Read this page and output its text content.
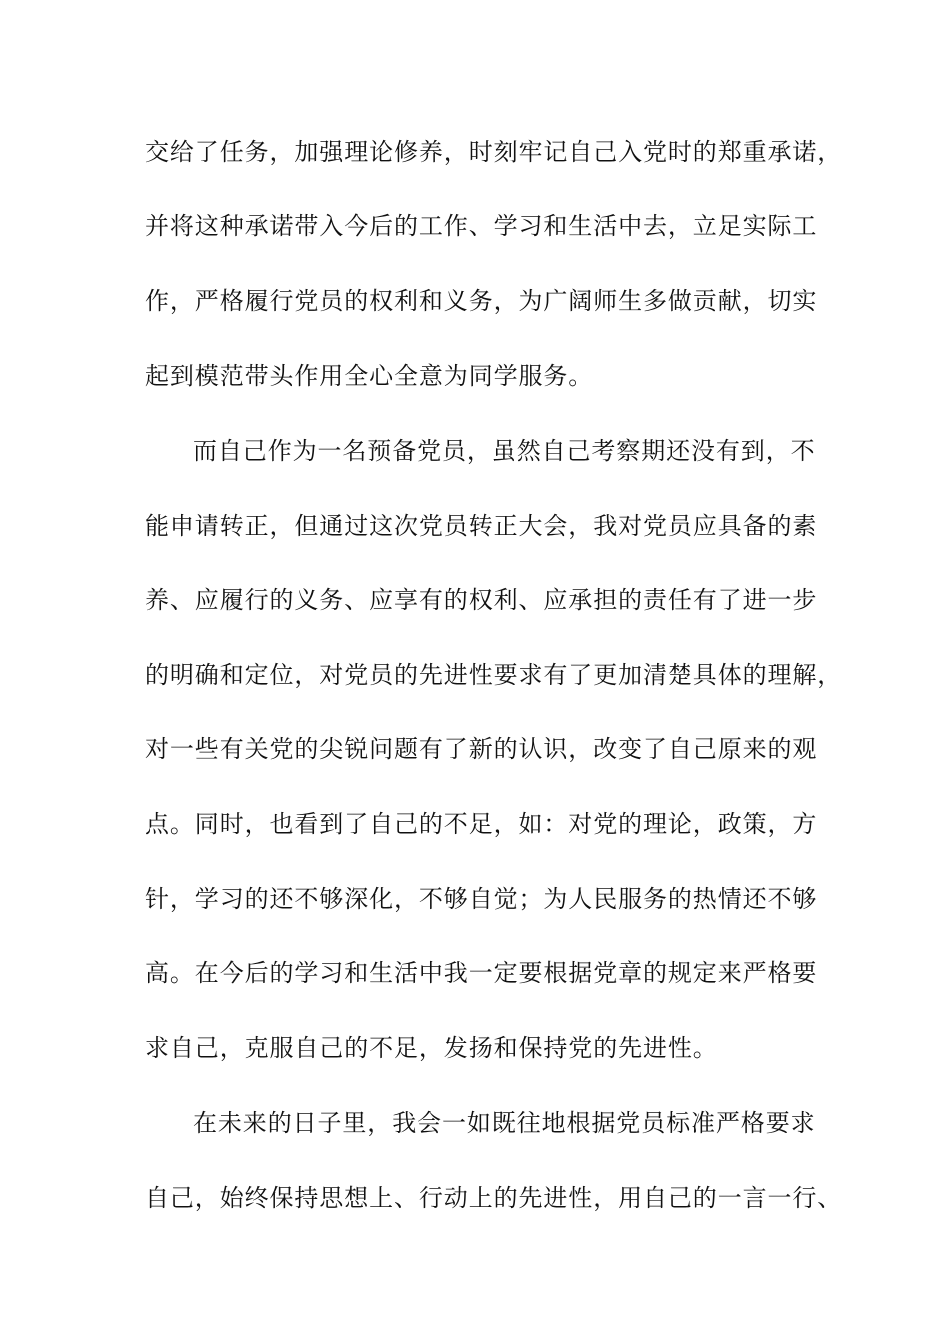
交给了任务，加强理论修养，时刻牢记自己入党时的郑重承诺，
并将这种承诺带入今后的工作、学习和生活中去，立足实际工
作，严格履行党员的权利和义务，为广阔师生多做贡献，切实
起到模范带头作用全心全意为同学服务。
而自己作为一名预备党员，虽然自己考察期还没有到，不
能申请转正，但通过这次党员转正大会，我对党员应具备的素
养、应履行的义务、应享有的权利、应承担的责任有了进一步
的明确和定位，对党员的先进性要求有了更加清楚具体的理解，
对一些有关党的尖锐问题有了新的认识，改变了自己原来的观
点。同时，也看到了自己的不足，如：对党的理论，政策，方
针，学习的还不够深化，不够自觉；为人民服务的热情还不够
高。在今后的学习和生活中我一定要根据党章的规定来严格要
求自己，克服自己的不足，发扬和保持党的先进性。
在未来的日子里，我会一如既往地根据党员标准严格要求
自己，始终保持思想上、行动上的先进性，用自己的一言一行、
